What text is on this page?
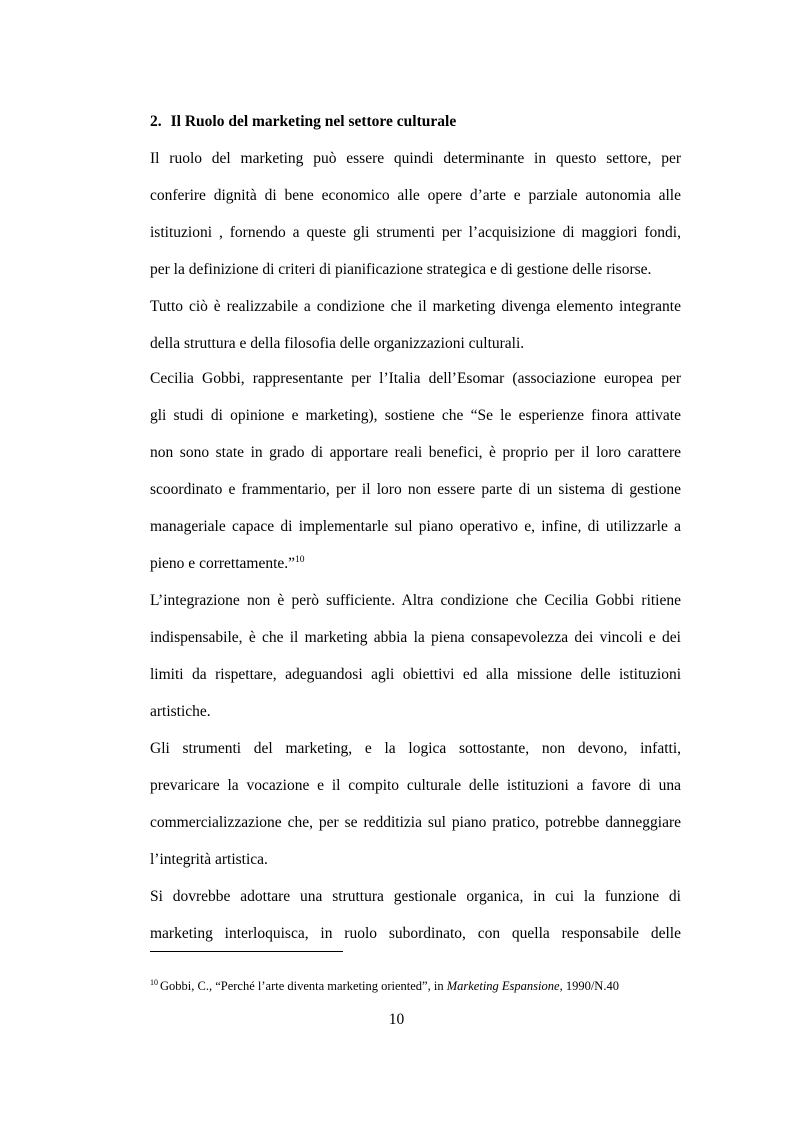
2. Il Ruolo del marketing nel settore culturale
Il ruolo del marketing può essere quindi determinante in questo settore, per
conferire dignità di bene economico alle opere d’arte e parziale autonomia alle
istituzioni , fornendo a queste gli strumenti per l’acquisizione di maggiori fondi,
per la definizione di criteri di pianificazione strategica e di gestione delle risorse.
Tutto ciò è realizzabile a condizione che il marketing divenga elemento integrante
della struttura e della filosofia delle organizzazioni culturali.
Cecilia Gobbi, rappresentante per l’Italia dell’Esomar (associazione europea per
gli studi di opinione e marketing), sostiene che “Se le esperienze finora attivate
non sono state in grado di apportare reali benefici, è proprio per il loro carattere
scoordinato e frammentario, per il loro non essere parte di un sistema di gestione
manageriale capace di implementarle sul piano operativo e, infine, di utilizzarle a
pieno e correttamente.”$^{10}$
L’integrazione non è però sufficiente. Altra condizione che Cecilia Gobbi ritiene
indispensabile, è che il marketing abbia la piena consapevolezza dei vincoli e dei
limiti da rispettare, adeguandosi agli obiettivi ed alla missione delle istituzioni
artistiche.
Gli strumenti del marketing, e la logica sottostante, non devono, infatti,
prevaricare la vocazione e il compito culturale delle istituzioni a favore di una
commercializzazione che, per se redditizia sul piano pratico, potrebbe danneggiare
l’integrità artistica.
Si dovrebbe adottare una struttura gestionale organica, in cui la funzione di
marketing interloquisca, in ruolo subordinato, con quella responsabile delle
$^{10}$ Gobbi, C., “Perché l’arte diventa marketing oriented”, in Marketing Espansione, 1990/N.40
10
